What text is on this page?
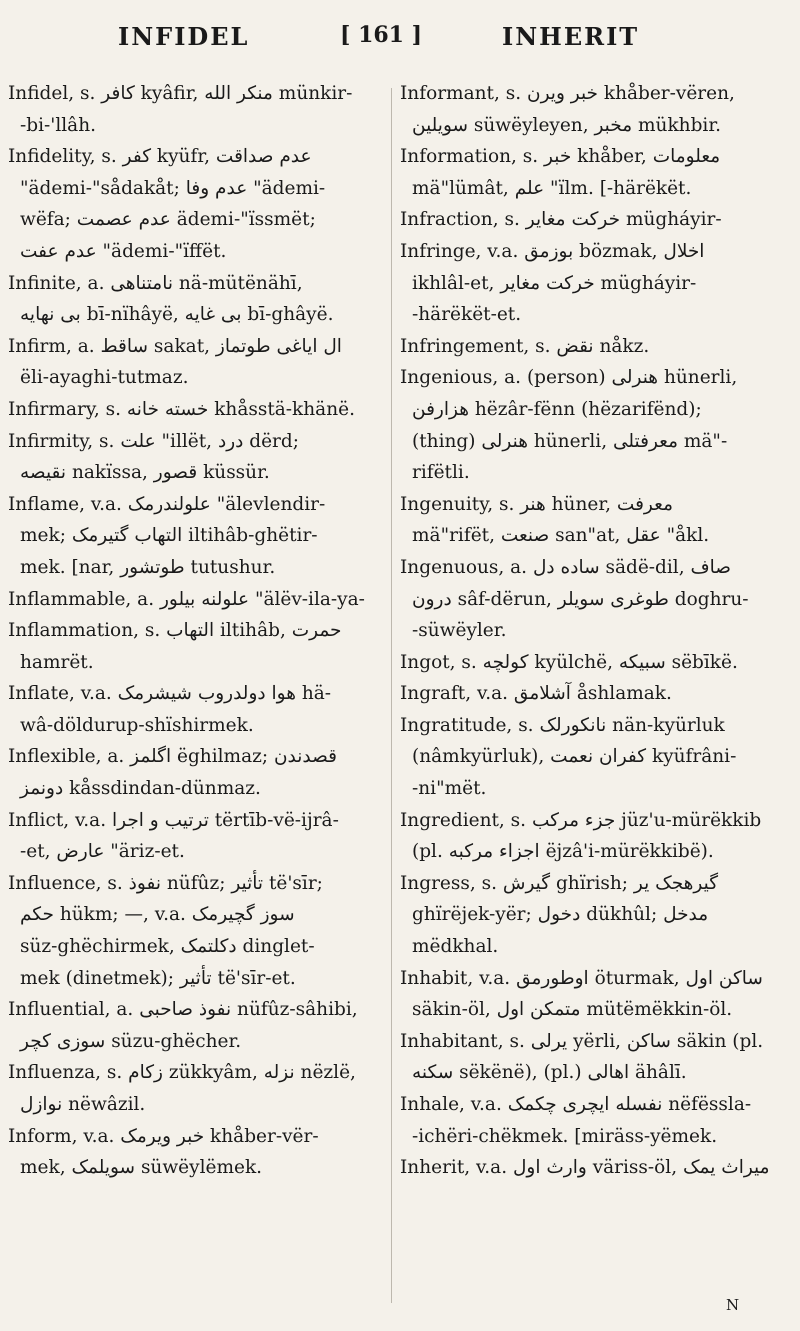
INFIDEL	[ 161 ]	INHERIT
Infidel, s. كافر kyâfir, منكر الله münkir-
-bi-'llâh.
Infidelity, s. كفر kyüfr, عدم صداقت
"ädemi-"sådakåt; عدم وفا "ädemi-
wëfa; عدم عصمت ädemi-"ïssmët;
عدم عفت "ädemi-"ïffët.
Infinite, a. نامتناهی nä-mütënähī,
بی نهایه bī-nïhâyë, بی غایه bī-ghâyë.
Infirm, a. ساقط sakat, ال ایاغی طوتماز
ëli-ayaghi-tutmaz.
Infirmary, s. خسته خانه khåsstä-khänë.
Infirmity, s. علت "illët, درد dërd;
نقیصه nakïssa, قصور küssür.
Inflame, v.a. علولندرمک "älevlendir-
mek; التهاب گتیرمک iltihâb-ghëtir-
mek. [nar, طوتشور tutushur.
Inflammable, a. علولنه بیلور "älëv-ila-ya-
Inflammation, s. التهاب iltihâb, حمرت
hamrët.
Inflate, v.a. هوا دولدروب شیشرمک hä-
wâ-döldurup-shïshirmek.
Inflexible, a. اگلمز ëghilmaz; قصدندن
دونمز kåssdindan-dünmaz.
Inflict, v.a. ترتیب و اجرا tërtīb-vë-ijrâ-
-et, عارض "äriz-et.
Influence, s. نفوذ nüfûz; تأثیر të'sīr;
حکم hükm; —, v.a. سوز گچیرمک
süz-ghëchirmek, دکلتمک dinglet-
mek (dinetmek); تأثیر të'sīr-et.
Influential, a. نفوذ صاحبی nüfûz-sâhibi,
سوزی کچر süzu-ghëcher.
Influenza, s. زکام zükkyâm, نزله nëzlë,
نوازل nëwâzil.
Inform, v.a. خبر ویرمک khåber-vër-
mek, سویلمک süwëylëmek.
Informant, s. خبر ویرن khåber-vëren,
سویلین süwëyleyen, مخبر mükhbir.
Information, s. خبر khåber, معلومات
mä"lümât, علم "ïlm. [-härëkët.
Infraction, s. خرکت مغایر mügháyir-
Infringe, v.a. بوزمق bözmak, اخلال
ikhlâl-et, خرکت مغایر mügháyir-
-härëkët-et.
Infringement, s. نقض nåkz.
Ingenious, a. (person) هنرلی hünerli,
هزارفن hëzâr-fënn (hëzarifënd);
(thing) هنرلی hünerli, معرفتلی mä"-
rifëtli.
Ingenuity, s. هنر hüner, معرفت
mä"rifët, صنعت san"at, عقل "åkl.
Ingenuous, a. ساده دل sädë-dil, صاف
درون sâf-dërun, طوغری سویلر doghru-
-süwëyler.
Ingot, s. کولچه kyülchë, سبیکه sëbīkë.
Ingraft, v.a. آشلامق åshlamak.
Ingratitude, s. نانکورلک nän-kyürluk
(nâmkyürluk), کفران نعمت kyüfrâni-
-ni"mët.
Ingredient, s. جزء مرکب jüz'u-mürëkkib
(pl. اجزاء مرکبه ëjzâ'i-mürëkkibë).
Ingress, s. گیرش ghïrish; گیرهجک یر
ghïrëjek-yër; دخول dükhûl; مدخل
mëdkhal.
Inhabit, v.a. اوطورمق öturmak, ساکن اول
säkin-öl, متمکن اول mütëmëkkin-öl.
Inhabitant, s. یرلی yërli, ساکن säkin (pl.
سکنه sëkënë), (pl.) اهالی ähâlī.
Inhale, v.a. نفسله ایچری چکمک nëfëssla-
-ichëri-chëkmek. [miräss-yëmek.
Inherit, v.a. وارث اول väriss-öl, میراث یمک
N
